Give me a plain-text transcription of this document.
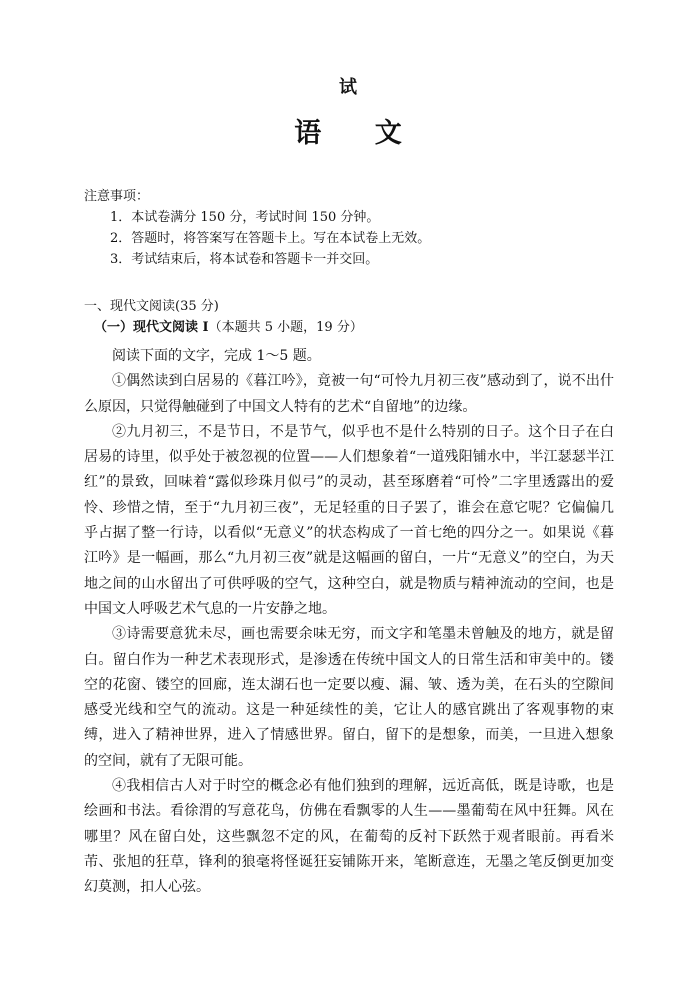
试
语 文
注意事项：
1．本试卷满分 150 分，考试时间 150 分钟。
2．答题时，将答案写在答题卡上。写在本试卷上无效。
3．考试结束后，将本试卷和答题卡一并交回。
一、现代文阅读(35 分)
（一）现代文阅读 I（本题共 5 小题，19 分）

阅读下面的文字，完成 1～5 题。

①偶然读到白居易的《暮江吟》，竟被一句“可怜九月初三夜”感动到了，说不出什么原因，只觉得触碰到了中国文人特有的艺术“自留地”的边缘。

②九月初三，不是节日，不是节气，似乎也不是什么特别的日子。这个日子在白居易的诗里，似乎处于被忽视的位置——人们想象着“一道残阳铺水中，半江瑟瑟半江红”的景致，回味着“露似珍珠月似弓”的灵动，甚至琢磨着“可怜”二字里透露出的爱怜、珍惜之情，至于“九月初三夜”，无足轻重的日子罢了，谁会在意它呢？它偏偏几乎占据了整一行诗，以看似“无意义”的状态构成了一首七绝的四分之一。如果说《暮江吟》是一幅画，那么“九月初三夜”就是这幅画的留白，一片“无意义”的空白，为天地之间的山水留出了可供呼吸的空气，这种空白，就是物质与精神流动的空间，也是中国文人呼吸艺术气息的一片安静之地。

③诗需要意犹未尽，画也需要余味无穷，而文字和笔墨未曾触及的地方，就是留白。留白作为一种艺术表现形式，是渗透在传统中国文人的日常生活和审美中的。镂空的花窗、镂空的回廊，连太湖石也一定要以瘦、漏、皱、透为美，在石头的空隙间感受光线和空气的流动。这是一种延续性的美，它让人的感官跳出了客观事物的束缚，进入了精神世界，进入了情感世界。留白，留下的是想象，而美，一旦进入想象的空间，就有了无限可能。

④我相信古人对于时空的概念必有他们独到的理解，远近高低，既是诗歌，也是绘画和书法。看徐渭的写意花鸟，仿佛在看飘零的人生——墨葡萄在风中狂舞。风在哪里？风在留白处，这些飘忽不定的风，在葡萄的反衬下跃然于观者眼前。再看米芾、张旭的狂草，锋利的狼毫将怪诞狂妄铺陈开来，笔断意连，无墨之笔反倒更加变幻莫测，扣人心弦。
